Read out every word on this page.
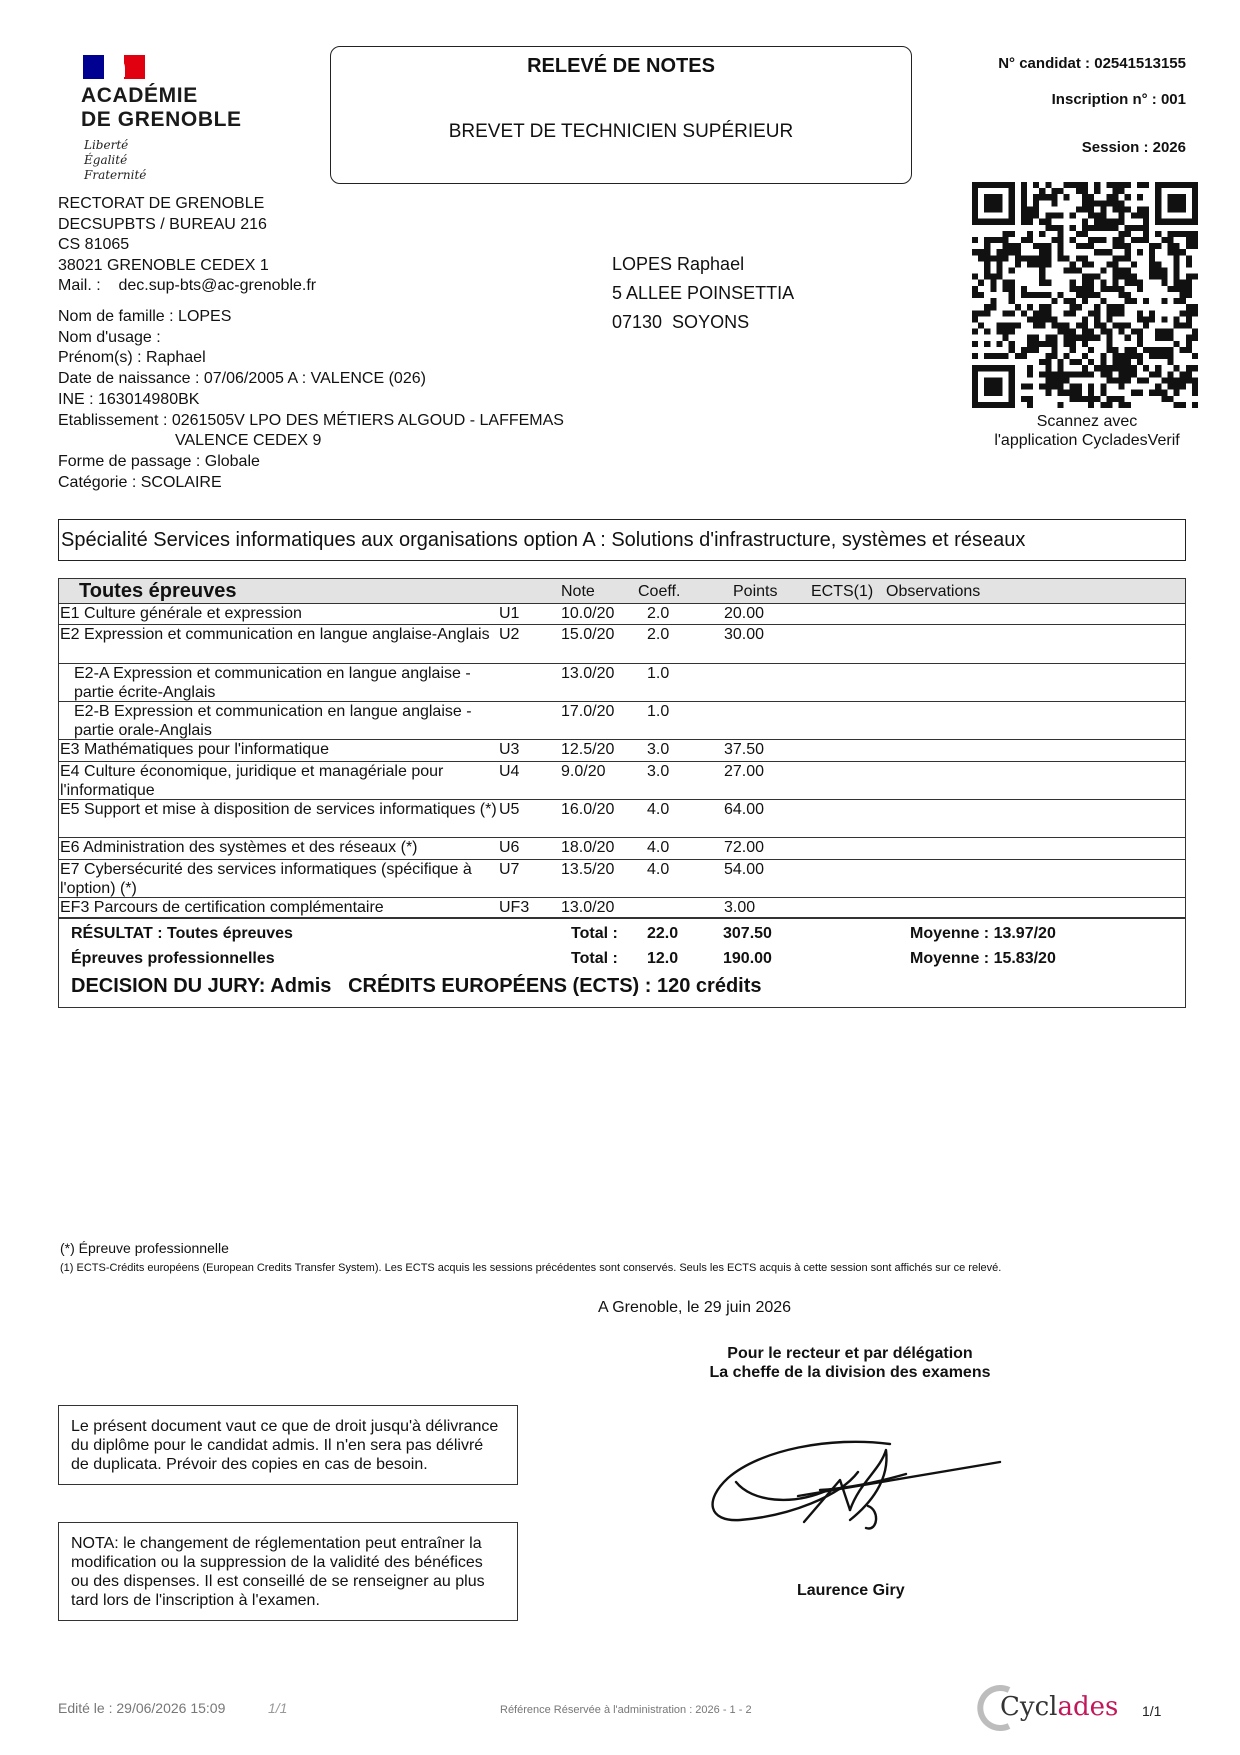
ACADÉMIE
DE GRENOBLE
Liberté
Égalité
Fraternité
RELEVÉ DE NOTES
BREVET DE TECHNICIEN SUPÉRIEUR
N° candidat : 02541513155
Inscription n° : 001
Session : 2026
Scannez avec
l'application CycladesVerif
RECTORAT DE GRENOBLE
DECSUPBTS / BUREAU 216
CS 81065
38021 GRENOBLE CEDEX 1
Mail. :    dec.sup-bts@ac-grenoble.fr
LOPES Raphael
5 ALLEE POINSETTIA
07130  SOYONS
Nom de famille : LOPES
Nom d'usage :
Prénom(s) : Raphael
Date de naissance : 07/06/2005 A : VALENCE (026)
INE : 163014980BK
Etablissement : 0261505V LPO DES MÉTIERS ALGOUD - LAFFEMAS
VALENCE CEDEX 9
Forme de passage : Globale
Catégorie : SCOLAIRE
Spécialité Services informatiques aux organisations option A : Solutions d'infrastructure, systèmes et réseaux
Toutes épreuves	Note	Coeff.	Points ECTS(1) Observations
E1 Culture générale et expression	U1	10.0/20 2.0	20.00
E2 Expression et communication en langue anglaise-Anglais U2	15.0/20 2.0	30.00
E2-A Expression et communication en langue anglaise - partie écrite-Anglais
13.0/20 1.0
E2-B Expression et communication en langue anglaise - partie orale-Anglais
17.0/20 1.0
E3 Mathématiques pour l'informatique	U3	12.5/20 3.0	37.50
E4 Culture économique, juridique et managériale pour l'informatique
U4	9.0/20	3.0	27.00
E5 Support et mise à disposition de services informatiques (*) U5	16.0/20 4.0	64.00
E6 Administration des systèmes et des réseaux (*)	U6	18.0/20 4.0	72.00
E7 Cybersécurité des services informatiques (spécifique à l'option) (*)
U7	13.5/20 4.0	54.00
EF3 Parcours de certification complémentaire	UF3 13.0/20	3.00
RÉSULTAT : Toutes épreuves	Total : 22.0	307.50	Moyenne : 13.97/20
Épreuves professionnelles	Total : 12.0	190.00	Moyenne : 15.83/20
DECISION DU JURY: Admis   CRÉDITS EUROPÉENS (ECTS) : 120 crédits
(*) Épreuve professionnelle
(1) ECTS-Crédits européens (European Credits Transfer System). Les ECTS acquis les sessions précédentes sont conservés. Seuls les ECTS acquis à cette session sont affichés sur ce relevé.
A Grenoble, le 29 juin 2026
Pour le recteur et par délégation
La cheffe de la division des examens
Laurence Giry
Le présent document vaut ce que de droit jusqu'à délivrance du diplôme pour le candidat admis. Il n'en sera pas délivré de duplicata. Prévoir des copies en cas de besoin.
NOTA: le changement de réglementation peut entraîner la modification ou la suppression de la validité des bénéfices ou des dispenses. Il est conseillé de se renseigner au plus tard lors de l'inscription à l'examen.
Edité le : 29/06/2026 15:09	1/1	Référence Réservée à l'administration : 2026 - 1 - 2	Cyclades 1/1
